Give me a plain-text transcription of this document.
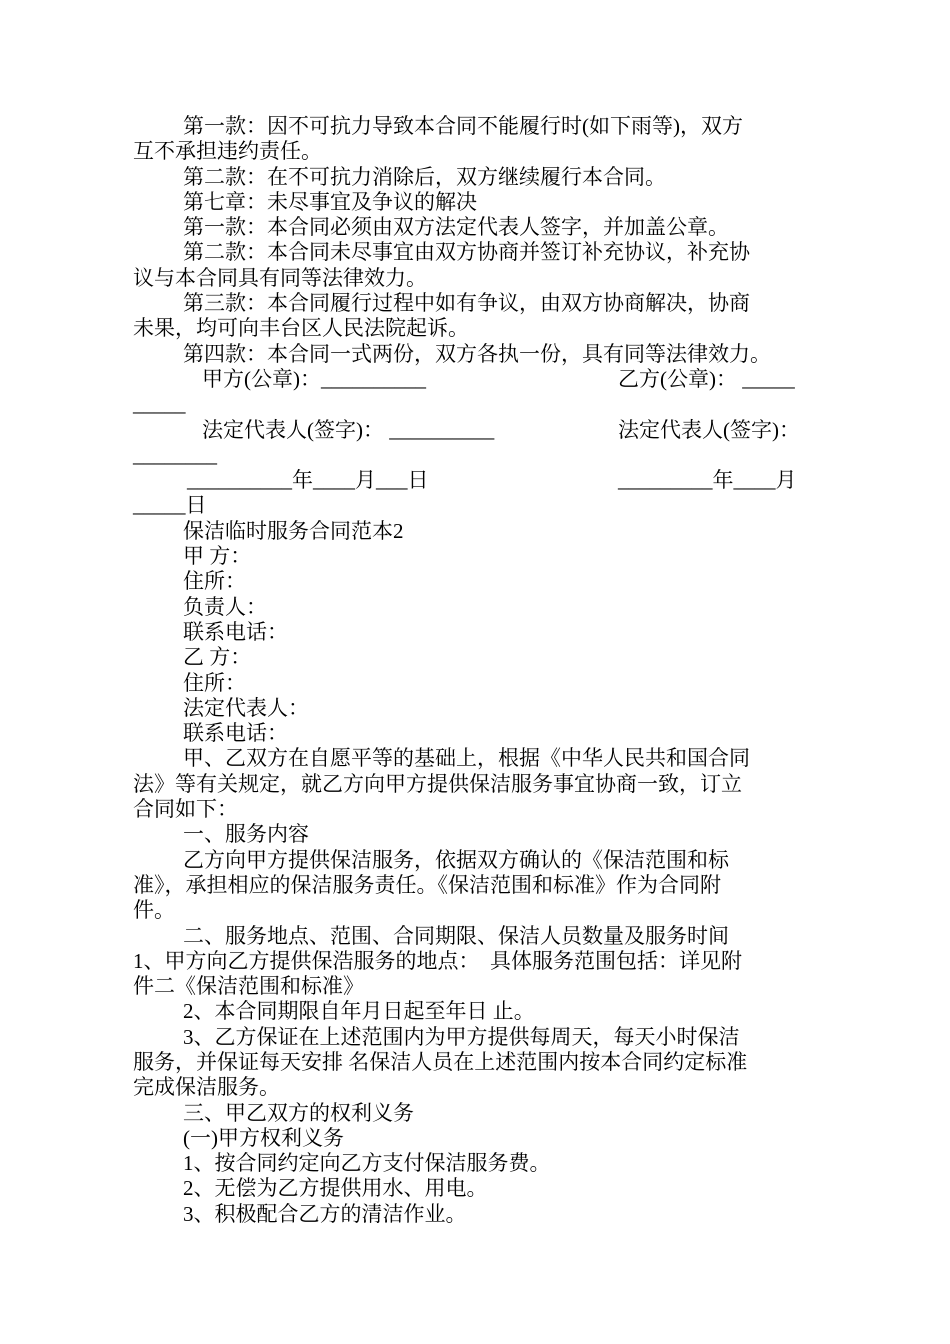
第一款：因不可抗力导致本合同不能履行时(如下雨等)，双方
互不承担违约责任。
第二款：在不可抗力消除后，双方继续履行本合同。
第七章：未尽事宜及争议的解决
第一款：本合同必须由双方法定代表人签字，并加盖公章。
第二款：本合同未尽事宜由双方协商并签订补充协议，补充协
议与本合同具有同等法律效力。
第三款：本合同履行过程中如有争议，由双方协商解决，协商
未果，均可向丰台区人民法院起诉。
第四款：本合同一式两份，双方各执一份，具有同等法律效力。
甲方(公章)：__________	乙方(公章)： _____
_____
法定代表人(签字)： __________	法定代表人(签字)：
________
__________年____月___日	_________年____月
_____日
保洁临时服务合同范本2
甲 方：
住所：
负责人：
联系电话：
乙 方：
住所：
法定代表人：
联系电话：
甲、乙双方在自愿平等的基础上，根据《中华人民共和国合同
法》等有关规定，就乙方向甲方提供保洁服务事宜协商一致，订立
合同如下：
一、服务内容
乙方向甲方提供保洁服务，依据双方确认的《保洁范围和标
准》，承担相应的保洁服务责任。《保洁范围和标准》作为合同附
件。
二、服务地点、范围、合同期限、保洁人员数量及服务时间
1、甲方向乙方提供保浩服务的地点：　具体服务范围包括：详见附
件二《保洁范围和标准》
2、本合同期限自年月日起至年日 止。
3、乙方保证在上述范围内为甲方提供每周天，每天小时保洁
服务，并保证每天安排 名保洁人员在上述范围内按本合同约定标准
完成保洁服务。
三、甲乙双方的权利义务
(一)甲方权利义务
1、按合同约定向乙方支付保洁服务费。
2、无偿为乙方提供用水、用电。
3、积极配合乙方的清洁作业。
